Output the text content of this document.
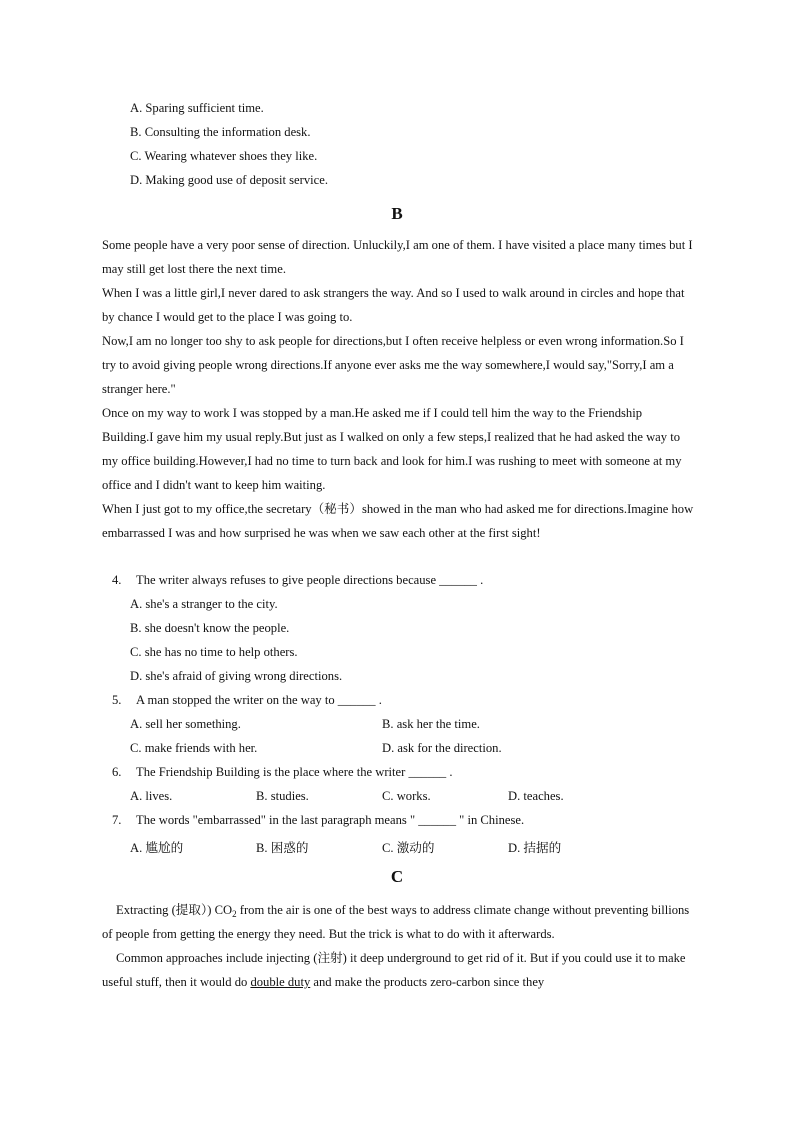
A. Sparing sufficient time.
B. Consulting the information desk.
C. Wearing whatever shoes they like.
D. Making good use of deposit service.
B

Some people have a very poor sense of direction. Unluckily,I am one of them. I have visited a place many times but I may still get lost there the next time.

When I was a little girl,I never dared to ask strangers the way. And so I used to walk around in circles and hope that by chance I would get to the place I was going to.

Now,I am no longer too shy to ask people for directions,but I often receive helpless or even wrong information.So I try to avoid giving people wrong directions.If anyone ever asks me the way somewhere,I would say,"Sorry,I am a stranger here."

Once on my way to work I was stopped by a man.He asked me if I could tell him the way to the Friendship Building.I gave him my usual reply.But just as I walked on only a few steps,I realized that he had asked the way to my office building.However,I had no time to turn back and look for him.I was rushing to meet with someone at my office and I didn't want to keep him waiting.

When I just got to my office,the secretary（秘书）showed in the man who had asked me for directions.Imagine how embarrassed I was and how surprised he was when we saw each other at the first sight!

4. The writer always refuses to give people directions because ______ .
A. she's a stranger to the city.
B. she doesn't know the people.
C. she has no time to help others.
D. she's afraid of giving wrong directions.
5. A man stopped the writer on the way to ______ .
A. sell her something.	B. ask her the time.
C. make friends with her.	D. ask for the direction.
6. The Friendship Building is the place where the writer ______ .
A. lives.	B. studies.	C. works.	D. teaches.
7. The words "embarrassed" in the last paragraph means " ______ " in Chinese.
A. 尴尬的	B. 困惑的	C. 激动的	D. 拮据的
C

Extracting (提取）) $CO_2$ from the air is one of the best ways to address climate change without preventing billions of people from getting the energy they need. But the trick is what to do with it afterwards.

Common approaches include injecting (注射) it deep underground to get rid of it. But if you could use it to make useful stuff, then it would do double duty and make the products zero-carbon since they
